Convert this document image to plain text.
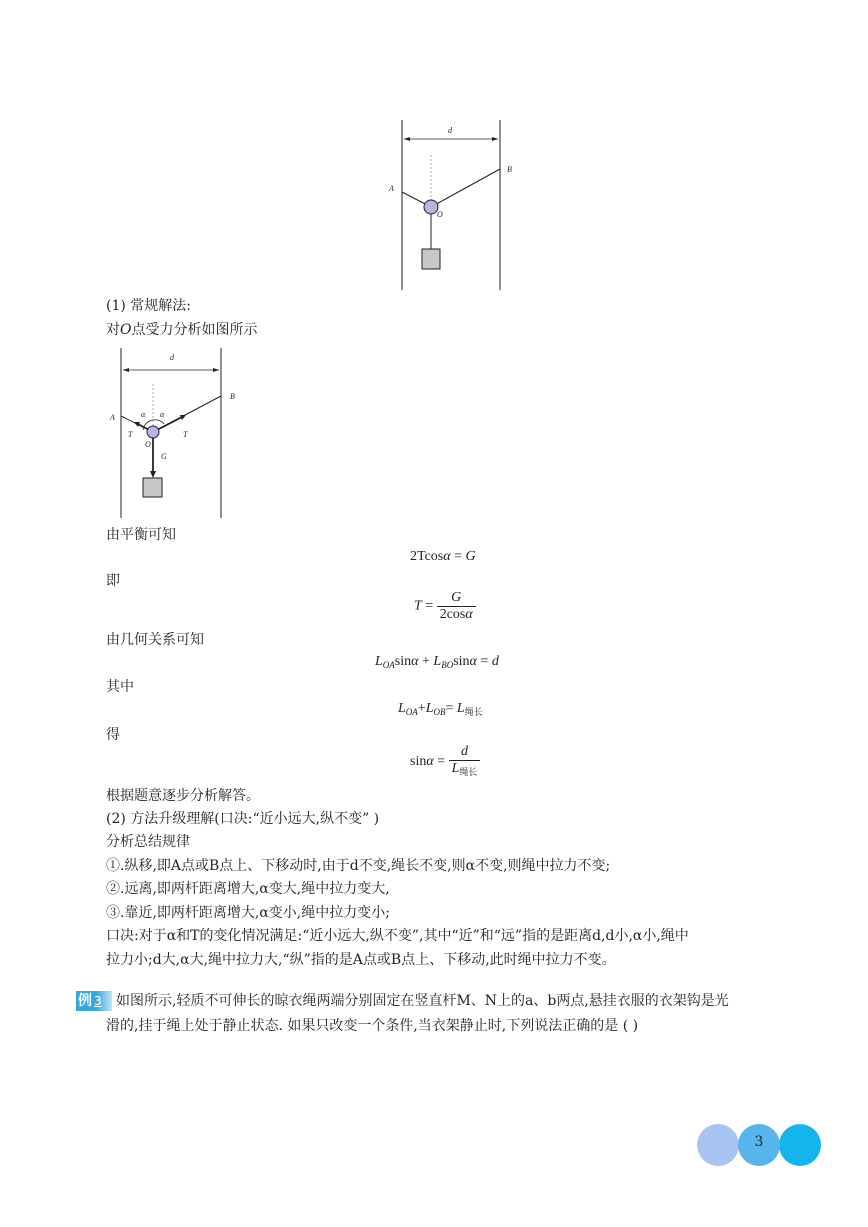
d
A
B
O
(1) 常规解法:
对O点受力分析如图所示
d
A
B
α α
T	T
O
G
由平衡可知
2Tcosα = G
即
$T = \frac{G}{2\cos\alpha}$
由几何关系可知
$L_{OA}\sin\alpha + L_{BO}\sin\alpha = d$
其中
$L_{OA}+L_{OB}= L_{绳长}$
得
$\sin\alpha = \frac{d}{L_{绳长}}$
根据题意逐步分析解答。
(2) 方法升级理解(口决:“近小远大,纵不变” )
分析总结规律
①.纵移,即A点或B点上、下移动时,由于d不变,绳长不变,则α不变,则绳中拉力不变;
②.远离,即两杆距离增大,α变大,绳中拉力变大,
③.靠近,即两杆距离增大,α变小,绳中拉力变小;
口决:对于α和T的变化情况满足:“近小远大,纵不变”,其中“近”和“远”指的是距离d,d小,α小,绳中
拉力小;d大,α大,绳中拉力大,“纵”指的是A点或B点上、下移动,此时绳中拉力不变。
例 3	如图所示,轻质不可伸长的晾衣绳两端分别固定在竖直杆M、N上的a、b两点,悬挂衣服的衣架钩是光
滑的,挂于绳上处于静止状态. 如果只改变一个条件,当衣架静止时,下列说法正确的是 ( )
3
